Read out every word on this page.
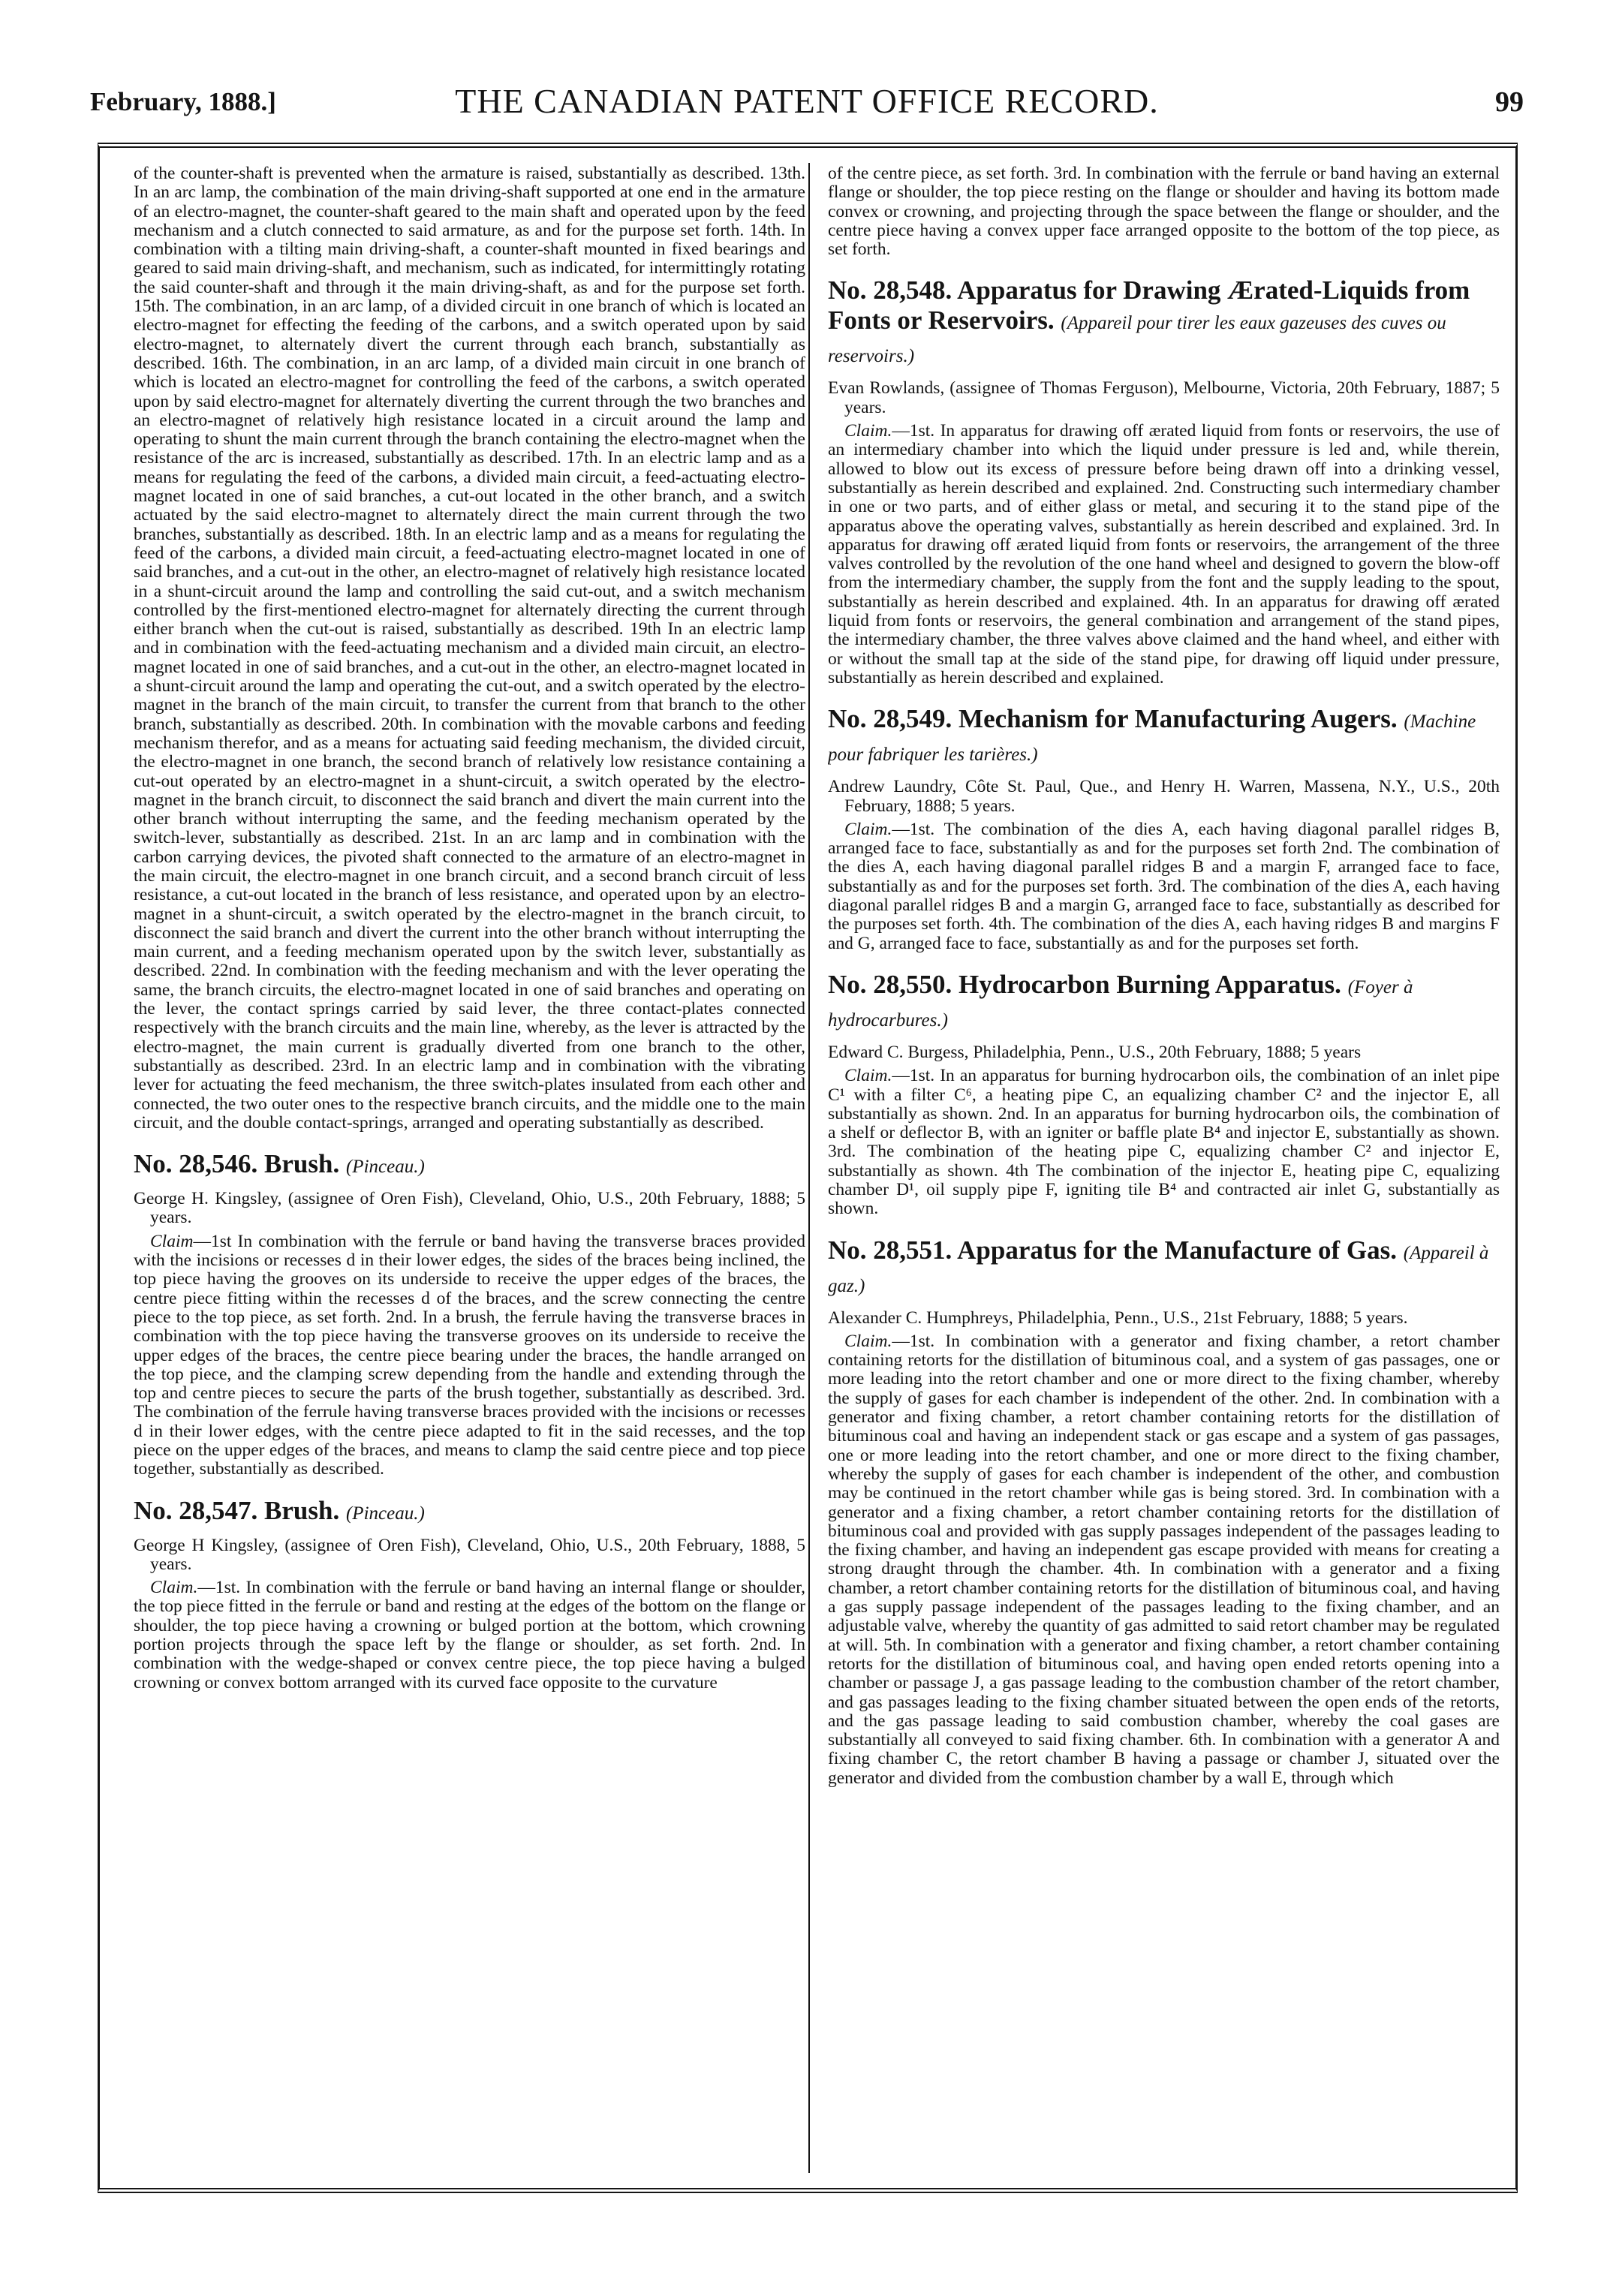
February, 1888.]	THE CANADIAN PATENT OFFICE RECORD.	99

of the counter-shaft is prevented when the armature is raised, substantially as described. 13th. In an arc lamp, the combination of the main driving-shaft supported at one end in the armature of an electro-magnet, the counter-shaft geared to the main shaft and operated upon by the feed mechanism and a clutch connected to said armature, as and for the purpose set forth. 14th. In combination with a tilting main driving-shaft, a counter-shaft mounted in fixed bearings and geared to said main driving-shaft, and mechanism, such as indicated, for intermittingly rotating the said counter-shaft and through it the main driving-shaft, as and for the purpose set forth. 15th. The combination, in an arc lamp, of a divided circuit in one branch of which is located an electro-magnet for effecting the feeding of the carbons, and a switch operated upon by said electro-magnet, to alternately divert the current through each branch, substantially as described. 16th. The combination, in an arc lamp, of a divided main circuit in one branch of which is located an electro-magnet for controlling the feed of the carbons, a switch operated upon by said electro-magnet for alternately diverting the current through the two branches and an electro-magnet of relatively high resistance located in a circuit around the lamp and operating to shunt the main current through the branch containing the electro-magnet when the resistance of the arc is increased, substantially as described. 17th. In an electric lamp and as a means for regulating the feed of the carbons, a divided main circuit, a feed-actuating electro-magnet located in one of said branches, a cut-out located in the other branch, and a switch actuated by the said electro-magnet to alternately direct the main current through the two branches, substantially as described. 18th. In an electric lamp and as a means for regulating the feed of the carbons, a divided main circuit, a feed-actuating electro-magnet located in one of said branches, and a cut-out in the other, an electro-magnet of relatively high resistance located in a shunt-circuit around the lamp and controlling the said cut-out, and a switch mechanism controlled by the first-mentioned electro-magnet for alternately directing the current through either branch when the cut-out is raised, substantially as described. 19th In an electric lamp and in combination with the feed-actuating mechanism and a divided main circuit, an electro-magnet located in one of said branches, and a cut-out in the other, an electro-magnet located in a shunt-circuit around the lamp and operating the cut-out, and a switch operated by the electro-magnet in the branch of the main circuit, to transfer the current from that branch to the other branch, substantially as described. 20th. In combination with the movable carbons and feeding mechanism therefor, and as a means for actuating said feeding mechanism, the divided circuit, the electro-magnet in one branch, the second branch of relatively low resistance containing a cut-out operated by an electro-magnet in a shunt-circuit, a switch operated by the electro-magnet in the branch circuit, to disconnect the said branch and divert the main current into the other branch without interrupting the same, and the feeding mechanism operated by the switch-lever, substantially as described. 21st. In an arc lamp and in combination with the carbon carrying devices, the pivoted shaft connected to the armature of an electro-magnet in the main circuit, the electro-magnet in one branch circuit, and a second branch circuit of less resistance, a cut-out located in the branch of less resistance, and operated upon by an electro-magnet in a shunt-circuit, a switch operated by the electro-magnet in the branch circuit, to disconnect the said branch and divert the current into the other branch without interrupting the main current, and a feeding mechanism operated upon by the switch lever, substantially as described. 22nd. In combination with the feeding mechanism and with the lever operating the same, the branch circuits, the electro-magnet located in one of said branches and operating on the lever, the contact springs carried by said lever, the three contact-plates connected respectively with the branch circuits and the main line, whereby, as the lever is attracted by the electro-magnet, the main current is gradually diverted from one branch to the other, substantially as described. 23rd. In an electric lamp and in combination with the vibrating lever for actuating the feed mechanism, the three switch-plates insulated from each other and connected, the two outer ones to the respective branch circuits, and the middle one to the main circuit, and the double contact-springs, arranged and operating substantially as described.

No. 28,546. Brush. (Pinceau.)

George H. Kingsley, (assignee of Oren Fish), Cleveland, Ohio, U.S., 20th February, 1888; 5 years.

Claim—1st In combination with the ferrule or band having the transverse braces provided with the incisions or recesses d in their lower edges, the sides of the braces being inclined, the top piece having the grooves on its underside to receive the upper edges of the braces, the centre piece fitting within the recesses d of the braces, and the screw connecting the centre piece to the top piece, as set forth. 2nd. In a brush, the ferrule having the transverse braces in combination with the top piece having the transverse grooves on its underside to receive the upper edges of the braces, the centre piece bearing under the braces, the handle arranged on the top piece, and the clamping screw depending from the handle and extending through the top and centre pieces to secure the parts of the brush together, substantially as described. 3rd. The combination of the ferrule having transverse braces provided with the incisions or recesses d in their lower edges, with the centre piece adapted to fit in the said recesses, and the top piece on the upper edges of the braces, and means to clamp the said centre piece and top piece together, substantially as described.

No. 28,547. Brush. (Pinceau.)

George H Kingsley, (assignee of Oren Fish), Cleveland, Ohio, U.S., 20th February, 1888, 5 years.

Claim.—1st. In combination with the ferrule or band having an internal flange or shoulder, the top piece fitted in the ferrule or band and resting at the edges of the bottom on the flange or shoulder, the top piece having a crowning or bulged portion at the bottom, which crowning portion projects through the space left by the flange or shoulder, as set forth. 2nd. In combination with the wedge-shaped or convex centre piece, the top piece having a bulged crowning or convex bottom arranged with its curved face opposite to the curvature

of the centre piece, as set forth. 3rd. In combination with the ferrule or band having an external flange or shoulder, the top piece resting on the flange or shoulder and having its bottom made convex or crowning, and projecting through the space between the flange or shoulder, and the centre piece having a convex upper face arranged opposite to the bottom of the top piece, as set forth.

No. 28,548. Apparatus for Drawing Ærated-Liquids from Fonts or Reservoirs. (Appareil pour tirer les eaux gazeuses des cuves ou reservoirs.)

Evan Rowlands, (assignee of Thomas Ferguson), Melbourne, Victoria, 20th February, 1887; 5 years.

Claim.—1st. In apparatus for drawing off ærated liquid from fonts or reservoirs, the use of an intermediary chamber into which the liquid under pressure is led and, while therein, allowed to blow out its excess of pressure before being drawn off into a drinking vessel, substantially as herein described and explained. 2nd. Constructing such intermediary chamber in one or two parts, and of either glass or metal, and securing it to the stand pipe of the apparatus above the operating valves, substantially as herein described and explained. 3rd. In apparatus for drawing off ærated liquid from fonts or reservoirs, the arrangement of the three valves controlled by the revolution of the one hand wheel and designed to govern the blow-off from the intermediary chamber, the supply from the font and the supply leading to the spout, substantially as herein described and explained. 4th. In an apparatus for drawing off ærated liquid from fonts or reservoirs, the general combination and arrangement of the stand pipes, the intermediary chamber, the three valves above claimed and the hand wheel, and either with or without the small tap at the side of the stand pipe, for drawing off liquid under pressure, substantially as herein described and explained.

No. 28,549. Mechanism for Manufacturing Augers. (Machine pour fabriquer les tarières.)

Andrew Laundry, Côte St. Paul, Que., and Henry H. Warren, Massena, N.Y., U.S., 20th February, 1888; 5 years.

Claim.—1st. The combination of the dies A, each having diagonal parallel ridges B, arranged face to face, substantially as and for the purposes set forth 2nd. The combination of the dies A, each having diagonal parallel ridges B and a margin F, arranged face to face, substantially as and for the purposes set forth. 3rd. The combination of the dies A, each having diagonal parallel ridges B and a margin G, arranged face to face, substantially as described for the purposes set forth. 4th. The combination of the dies A, each having ridges B and margins F and G, arranged face to face, substantially as and for the purposes set forth.

No. 28,550. Hydrocarbon Burning Apparatus. (Foyer à hydrocarbures.)

Edward C. Burgess, Philadelphia, Penn., U.S., 20th February, 1888; 5 years

Claim.—1st. In an apparatus for burning hydrocarbon oils, the combination of an inlet pipe C¹ with a filter C⁶, a heating pipe C, an equalizing chamber C² and the injector E, all substantially as shown. 2nd. In an apparatus for burning hydrocarbon oils, the combination of a shelf or deflector B, with an igniter or baffle plate B⁴ and injector E, substantially as shown. 3rd. The combination of the heating pipe C, equalizing chamber C² and injector E, substantially as shown. 4th The combination of the injector E, heating pipe C, equalizing chamber D¹, oil supply pipe F, igniting tile B⁴ and contracted air inlet G, substantially as shown.

No. 28,551. Apparatus for the Manufacture of Gas. (Appareil à gaz.)

Alexander C. Humphreys, Philadelphia, Penn., U.S., 21st February, 1888; 5 years.

Claim.—1st. In combination with a generator and fixing chamber, a retort chamber containing retorts for the distillation of bituminous coal, and a system of gas passages, one or more leading into the retort chamber and one or more direct to the fixing chamber, whereby the supply of gases for each chamber is independent of the other. 2nd. In combination with a generator and fixing chamber, a retort chamber containing retorts for the distillation of bituminous coal and having an independent stack or gas escape and a system of gas passages, one or more leading into the retort chamber, and one or more direct to the fixing chamber, whereby the supply of gases for each chamber is independent of the other, and combustion may be continued in the retort chamber while gas is being stored. 3rd. In combination with a generator and a fixing chamber, a retort chamber containing retorts for the distillation of bituminous coal and provided with gas supply passages independent of the passages leading to the fixing chamber, and having an independent gas escape provided with means for creating a strong draught through the chamber. 4th. In combination with a generator and a fixing chamber, a retort chamber containing retorts for the distillation of bituminous coal, and having a gas supply passage independent of the passages leading to the fixing chamber, and an adjustable valve, whereby the quantity of gas admitted to said retort chamber may be regulated at will. 5th. In combination with a generator and fixing chamber, a retort chamber containing retorts for the distillation of bituminous coal, and having open ended retorts opening into a chamber or passage J, a gas passage leading to the combustion chamber of the retort chamber, and gas passages leading to the fixing chamber situated between the open ends of the retorts, and the gas passage leading to said combustion chamber, whereby the coal gases are substantially all conveyed to said fixing chamber. 6th. In combination with a generator A and fixing chamber C, the retort chamber B having a passage or chamber J, situated over the generator and divided from the combustion chamber by a wall E, through which
